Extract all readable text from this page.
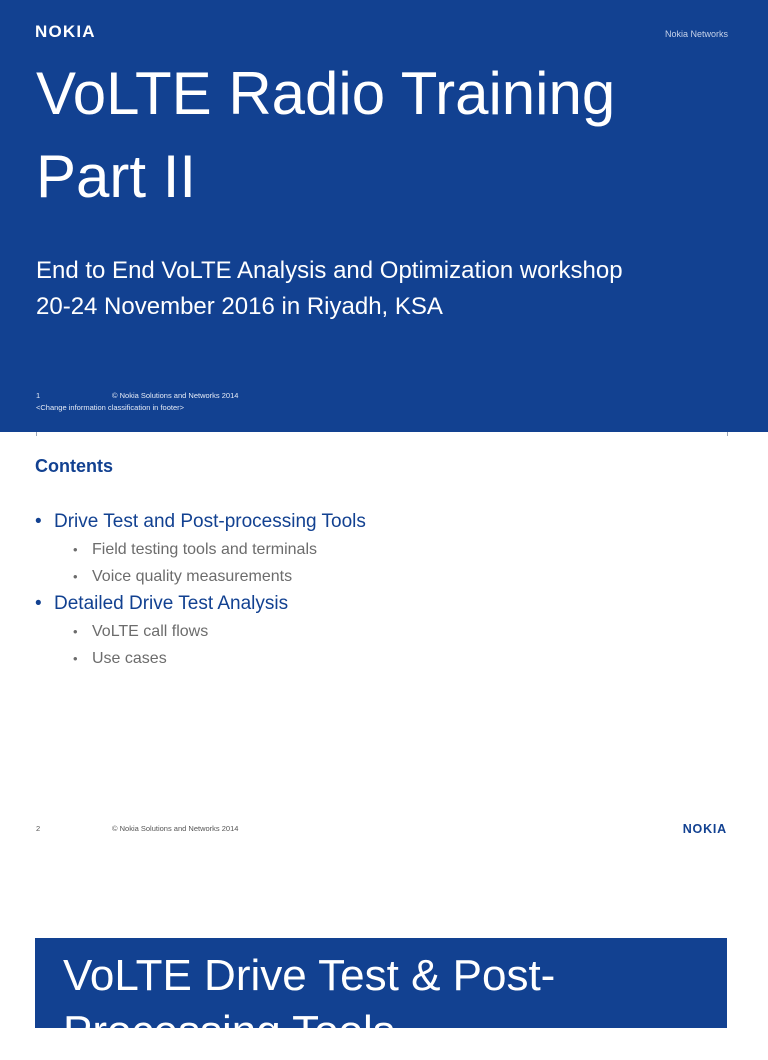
NOKIA	Nokia Networks
VoLTE Radio Training
Part II
End to End VoLTE Analysis and Optimization workshop
20-24 November 2016 in Riyadh, KSA
1	© Nokia Solutions and Networks 2014
<Change information classification in footer>
Contents
• Drive Test and Post-processing Tools
• Field testing tools and terminals
• Voice quality measurements
• Detailed Drive Test Analysis
• VoLTE call flows
• Use cases
2	© Nokia Solutions and Networks 2014	NOKIA
VoLTE Drive Test & Post-
Processing Tools
